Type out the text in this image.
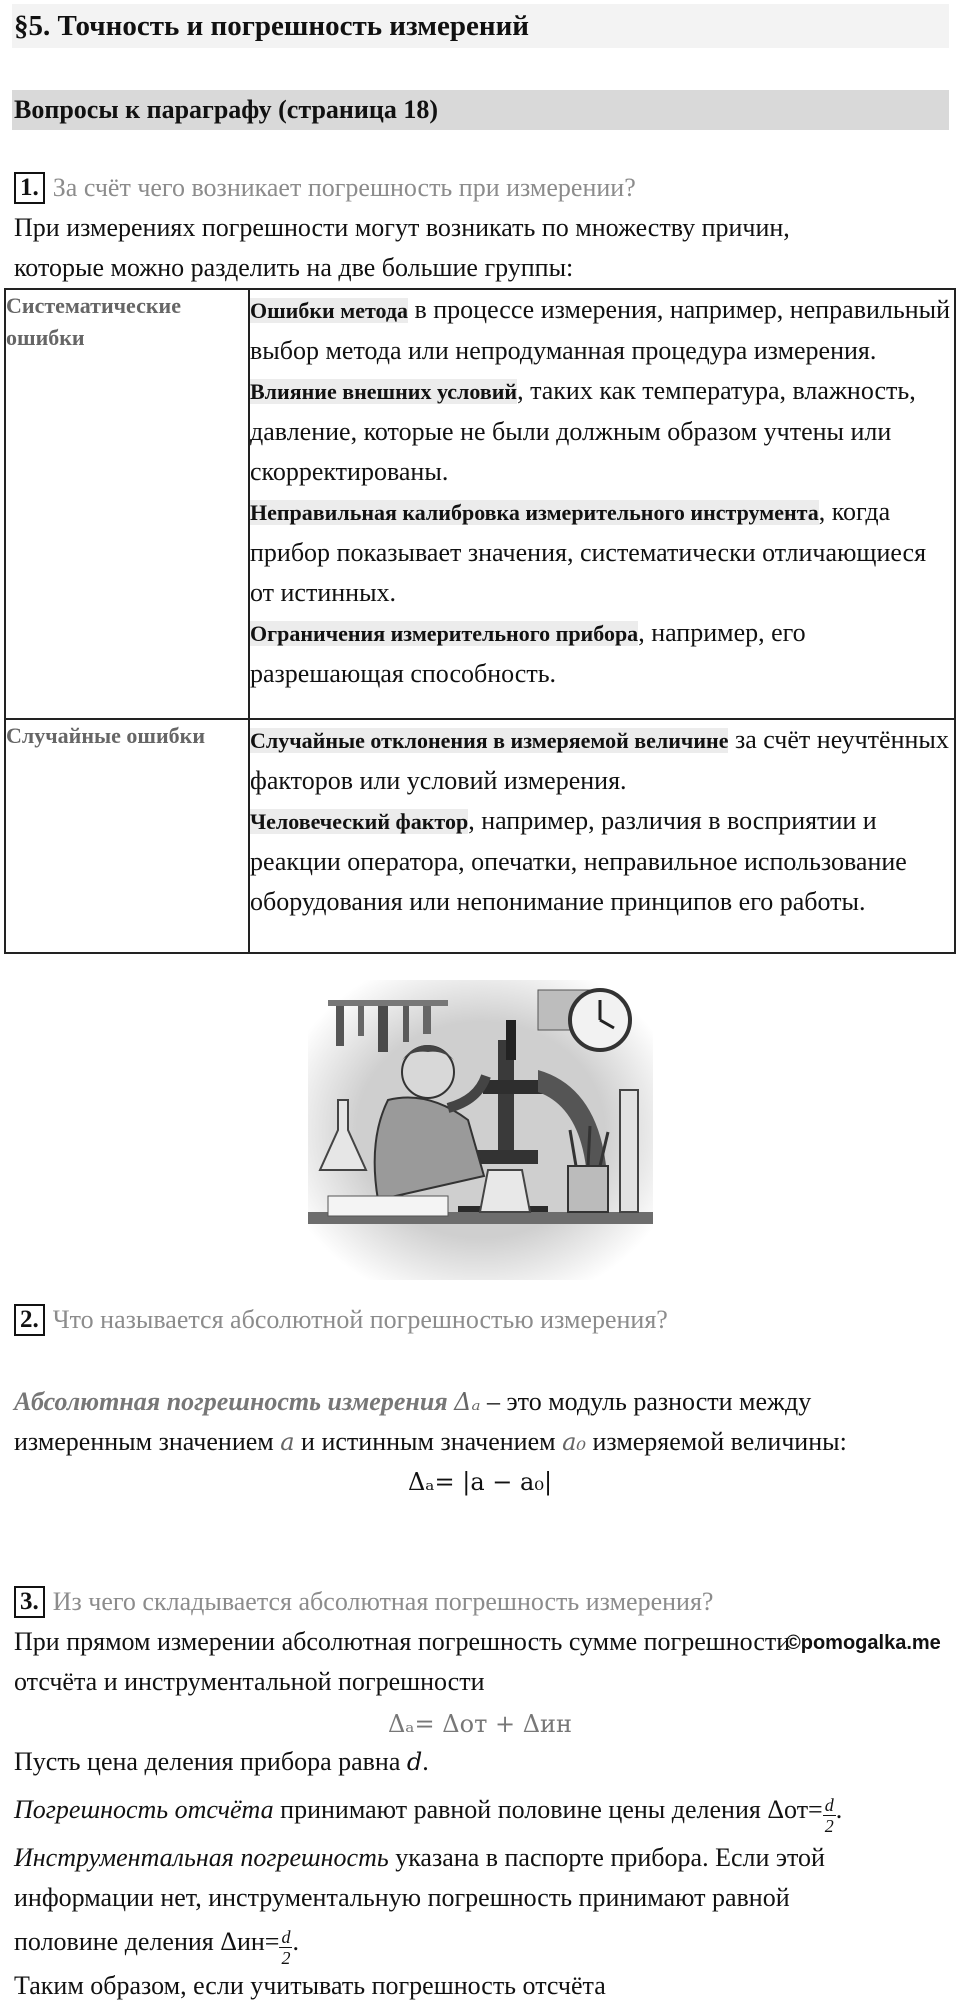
§5. Точность и погрешность измерений
Вопросы к параграфу (страница 18)
1. За счёт чего возникает погрешность при измерении?
При измерениях погрешности могут возникать по множеству причин,
которые можно разделить на две большие группы:
Систематические ошибки	Ошибки метода в процессе измерения, например, неправильный выбор метода или непродуманная процедура измерения.
Влияние внешних условий, таких как температура, влажность, давление, которые не были должным образом учтены или скорректированы.
Неправильная калибровка измерительного инструмента, когда прибор показывает значения, систематически отличающиеся от истинных.
Ограничения измерительного прибора, например, его разрешающая способность.

Случайные ошибки	Случайные отклонения в измеряемой величине за счёт неучтённых факторов или условий измерения.
Человеческий фактор, например, различия в восприятии и реакции оператора, опечатки, неправильное использование оборудования или непонимание принципов его работы.
2. Что называется абсолютной погрешностью измерения?
Абсолютная погрешность измерения Δₐ – это модуль разности между
измеренным значением a и истинным значением a₀ измеряемой величины:
Δₐ= |a − a₀|
3. Из чего складывается абсолютная погрешность измерения?
При прямом измерении абсолютная погрешность сумме погрешности
отсчёта и инструментальной погрешности
©pomogalka.me
Δₐ= Δот + Δин
Пусть цена деления прибора равна d.
Погрешность отсчёта принимают равной половине цены деления $\Delta от= \frac{d}{2}$ .
Инструментальная погрешность указана в паспорте прибора. Если этой
информации нет, инструментальную погрешность принимают равной
половине деления $\Delta ин= \frac{d}{2}$ .
Таким образом, если учитывать погрешность отсчёта
